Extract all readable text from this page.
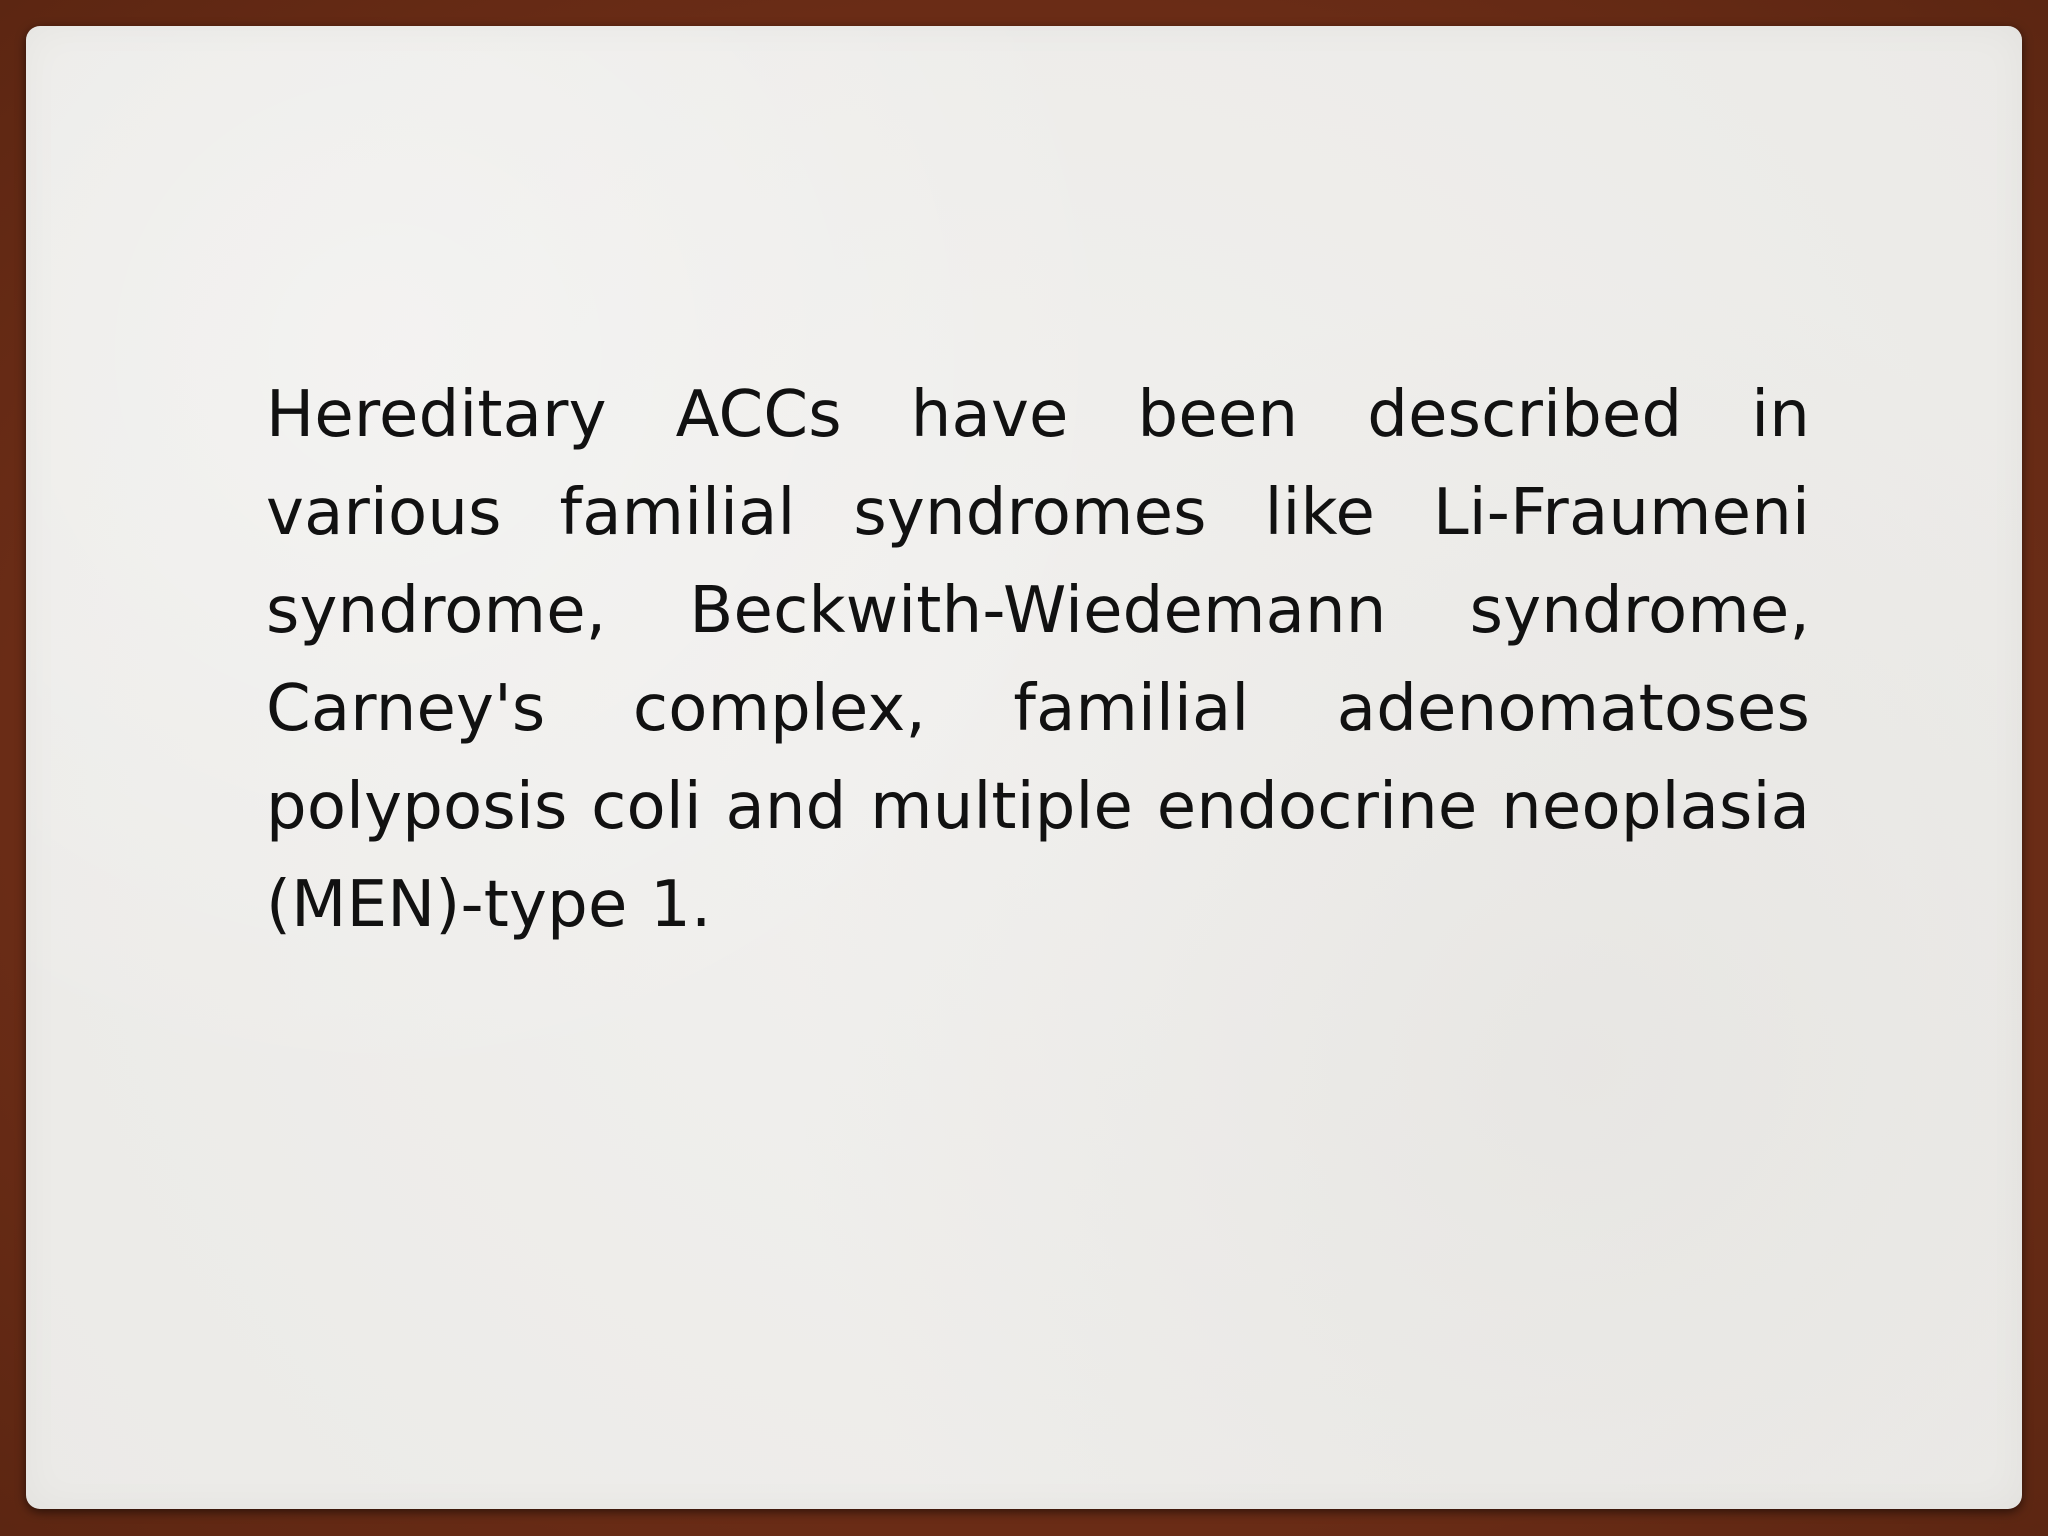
Hereditary ACCs have been described in various familial syndromes like Li-Fraumeni syndrome, Beckwith-Wiedemann syndrome, Carney's complex, familial adenomatoses polyposis coli and multiple endocrine neoplasia (MEN)-type 1.
